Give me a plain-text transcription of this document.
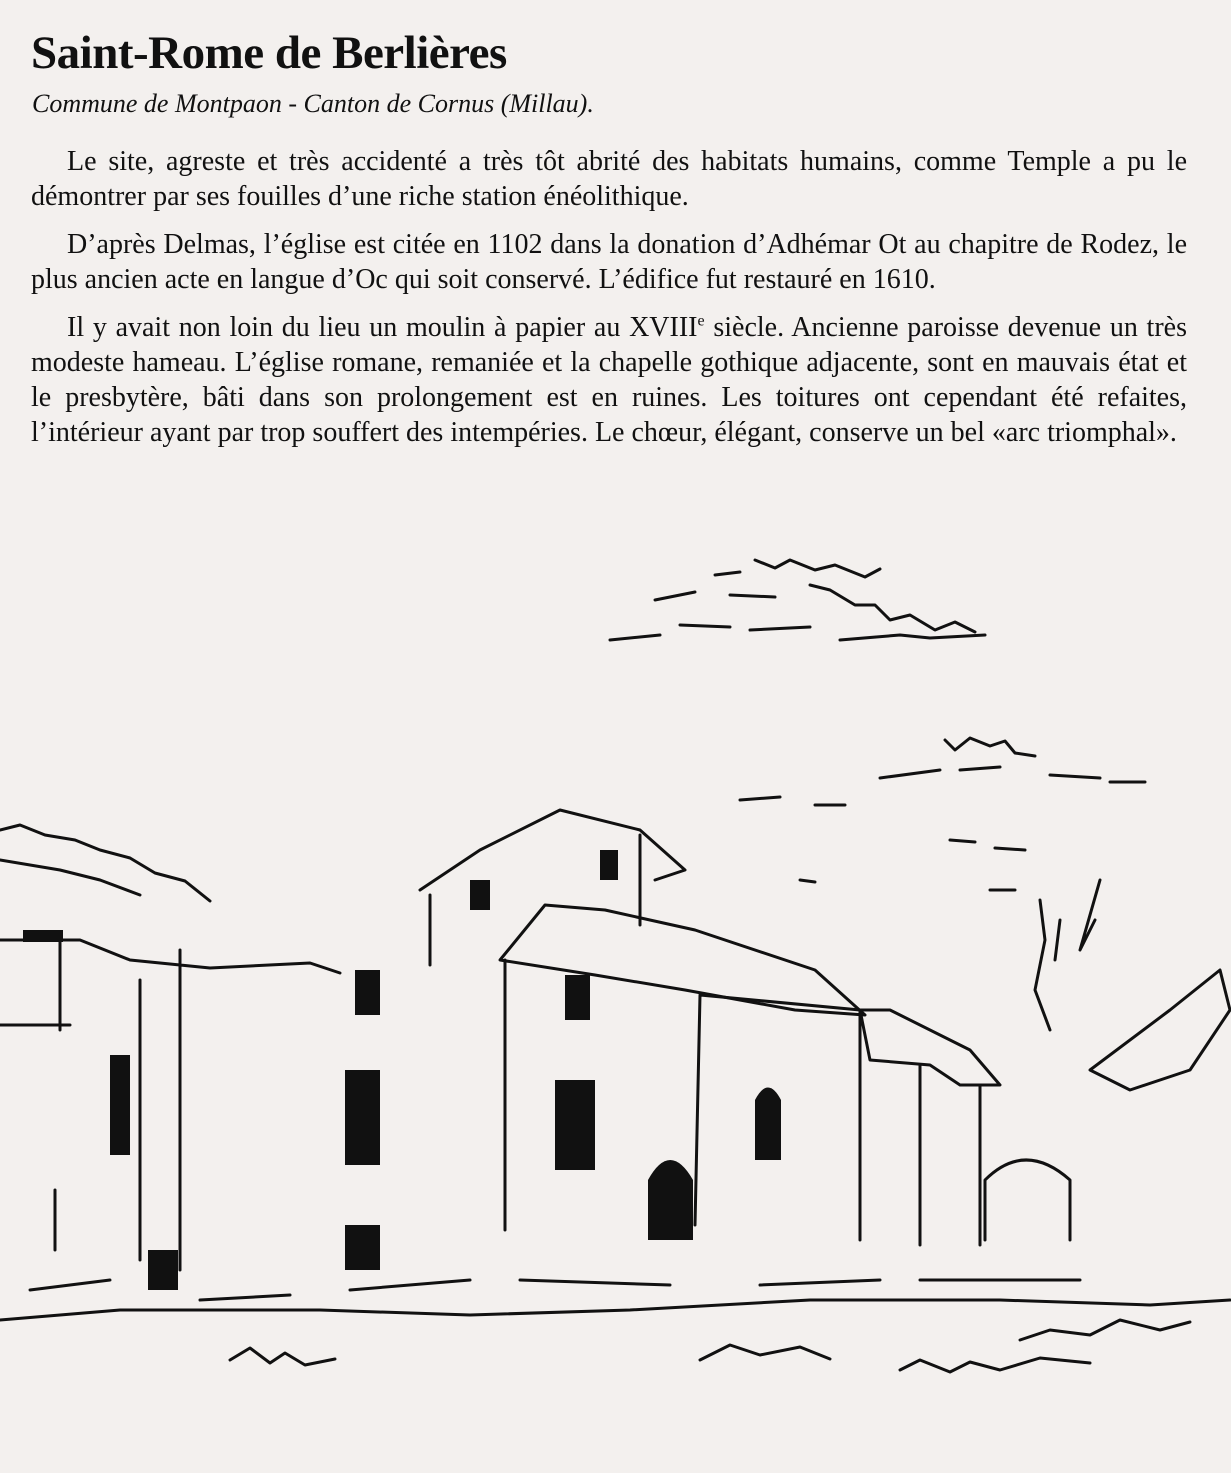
Saint-Rome de Berlières
Commune de Montpaon - Canton de Cornus (Millau).

Le site, agreste et très accidenté a très tôt abrité des habitats humains, comme Temple a pu le démontrer par ses fouilles d’une riche station énéolithique.

D’après Delmas, l’église est citée en 1102 dans la donation d’Adhémar Ot au chapitre de Rodez, le plus ancien acte en langue d’Oc qui soit conservé. L’édifice fut restauré en 1610.

Il y avait non loin du lieu un moulin à papier au XVIIIe siècle. Ancienne paroisse devenue un très modeste hameau. L’église romane, remaniée et la chapelle gothique adjacente, sont en mauvais état et le presbytère, bâti dans son prolongement est en ruines. Les toitures ont cependant été refaites, l’intérieur ayant par trop souffert des intempéries. Le chœur, élégant, conserve un bel «arc triomphal».
